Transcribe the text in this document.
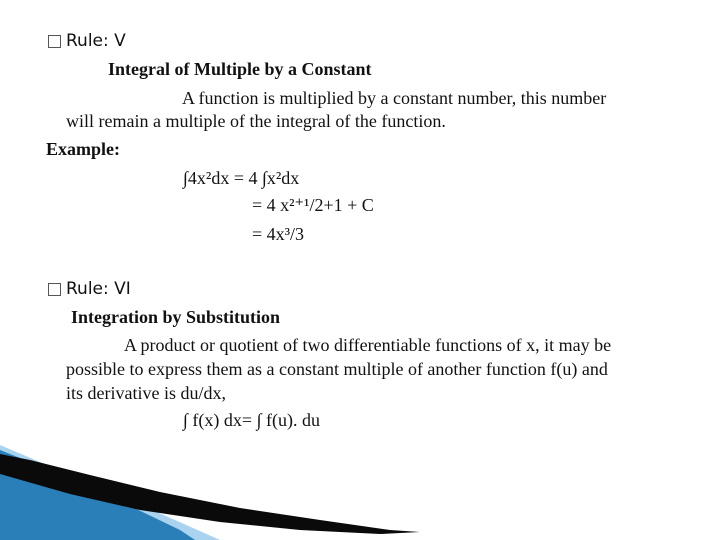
Rule: V
Integral of Multiple by a Constant
A function is multiplied by a constant number, this number
will remain a multiple of the integral of the function.
Example:
∫4x²dx = 4 ∫x²dx
= 4 x²⁺¹/2+1 + C
= 4x³/3
Rule: VI
Integration by Substitution
A product or quotient of two differentiable functions of x, it may be
possible to express them as a constant multiple of another function f(u) and
its derivative is du/dx,
∫ f(x) dx= ∫ f(u). du
